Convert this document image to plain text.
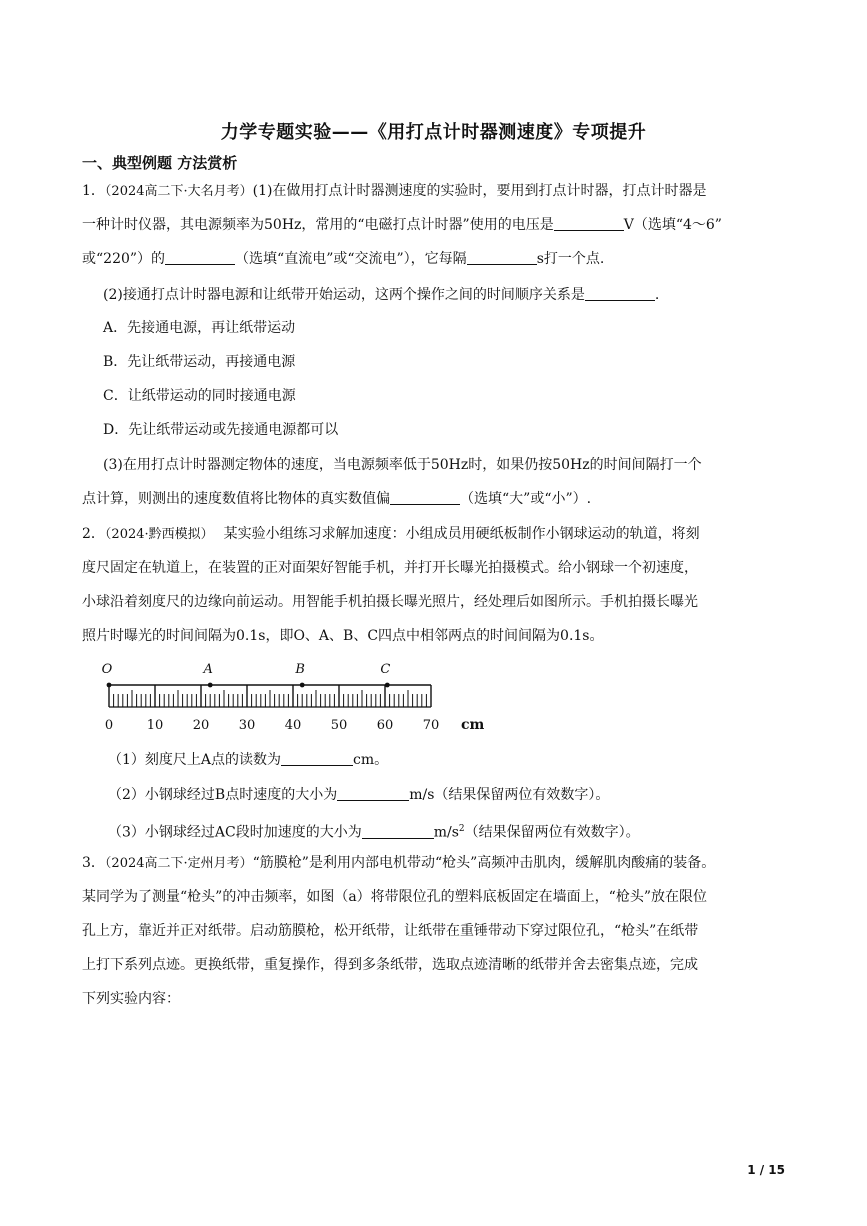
力学专题实验——《用打点计时器测速度》专项提升
一、典型例题 方法赏析
1．（2024高二下·大名月考）(1)在做用打点计时器测速度的实验时，要用到打点计时器，打点计时器是
一种计时仪器，其电源频率为50Hz，常用的“电磁打点计时器”使用的电压是	V（选填“4～6”
或“220”）的	（选填“直流电”或“交流电”），它每隔	s打一个点.
(2)接通打点计时器电源和让纸带开始运动，这两个操作之间的时间顺序关系是	.
A．先接通电源，再让纸带运动
B．先让纸带运动，再接通电源
C．让纸带运动的同时接通电源
D．先让纸带运动或先接通电源都可以
(3)在用打点计时器测定物体的速度，当电源频率低于50Hz时，如果仍按50Hz的时间间隔打一个
点计算，则测出的速度数值将比物体的真实数值偏	（选填“大”或“小”）.
2．（2024·黔西模拟） 某实验小组练习求解加速度：小组成员用硬纸板制作小钢球运动的轨道，将刻
度尺固定在轨道上，在装置的正对面架好智能手机，并打开长曝光拍摄模式。给小钢球一个初速度，
小球沿着刻度尺的边缘向前运动。用智能手机拍摄长曝光照片，经处理后如图所示。手机拍摄长曝光
照片时曝光的时间间隔为0.1s，即O、A、B、C四点中相邻两点的时间间隔为0.1s。
O	A	B	C
0	10 20 30 40 50 60 70 cm
（1）刻度尺上A点的读数为	cm。
（2）小钢球经过B点时速度的大小为	m/s（结果保留两位有效数字）。
（3）小钢球经过AC段时加速度的大小为	$m/s^2$（结果保留两位有效数字）。
3．（2024高二下·定州月考）“筋膜枪”是利用内部电机带动“枪头”高频冲击肌肉，缓解肌肉酸痛的装备。
某同学为了测量“枪头”的冲击频率，如图（a）将带限位孔的塑料底板固定在墙面上，“枪头”放在限位
孔上方，靠近并正对纸带。启动筋膜枪，松开纸带，让纸带在重锤带动下穿过限位孔，“枪头”在纸带
上打下系列点迹。更换纸带，重复操作，得到多条纸带，选取点迹清晰的纸带并舍去密集点迹，完成
下列实验内容：
1 / 15
